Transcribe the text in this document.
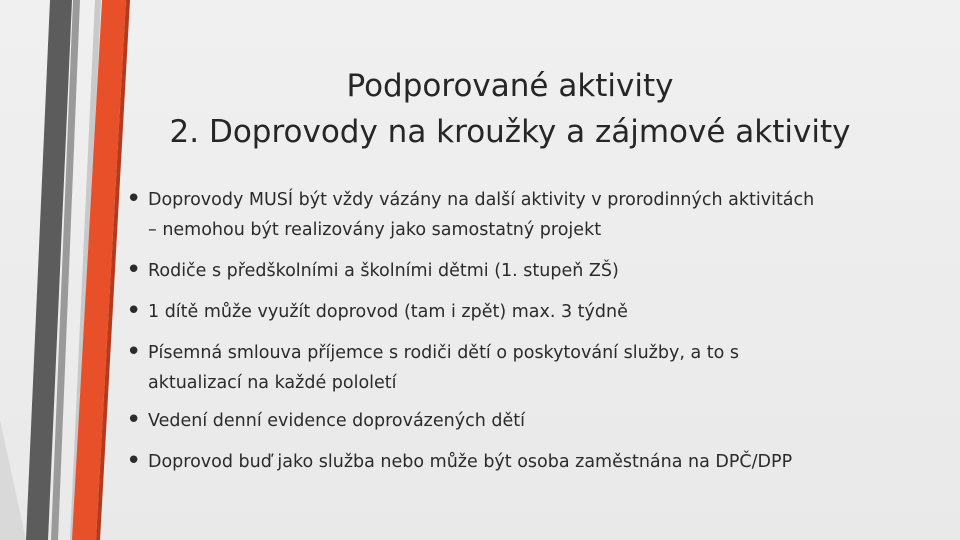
Podporované aktivity
2. Doprovody na kroužky a zájmové aktivity
• Doprovody MUSÍ být vždy vázány na další aktivity v prorodinných aktivitách
– nemohou být realizovány jako samostatný projekt
• Rodiče s předškolními a školními dětmi (1. stupeň ZŠ)
• 1 dítě může využít doprovod (tam i zpět) max. 3 týdně
• Písemná smlouva příjemce s rodiči dětí o poskytování služby, a to s
aktualizací na každé pololetí
• Vedení denní evidence doprovázených dětí
• Doprovod buď jako služba nebo může být osoba zaměstnána na DPČ/DPP
